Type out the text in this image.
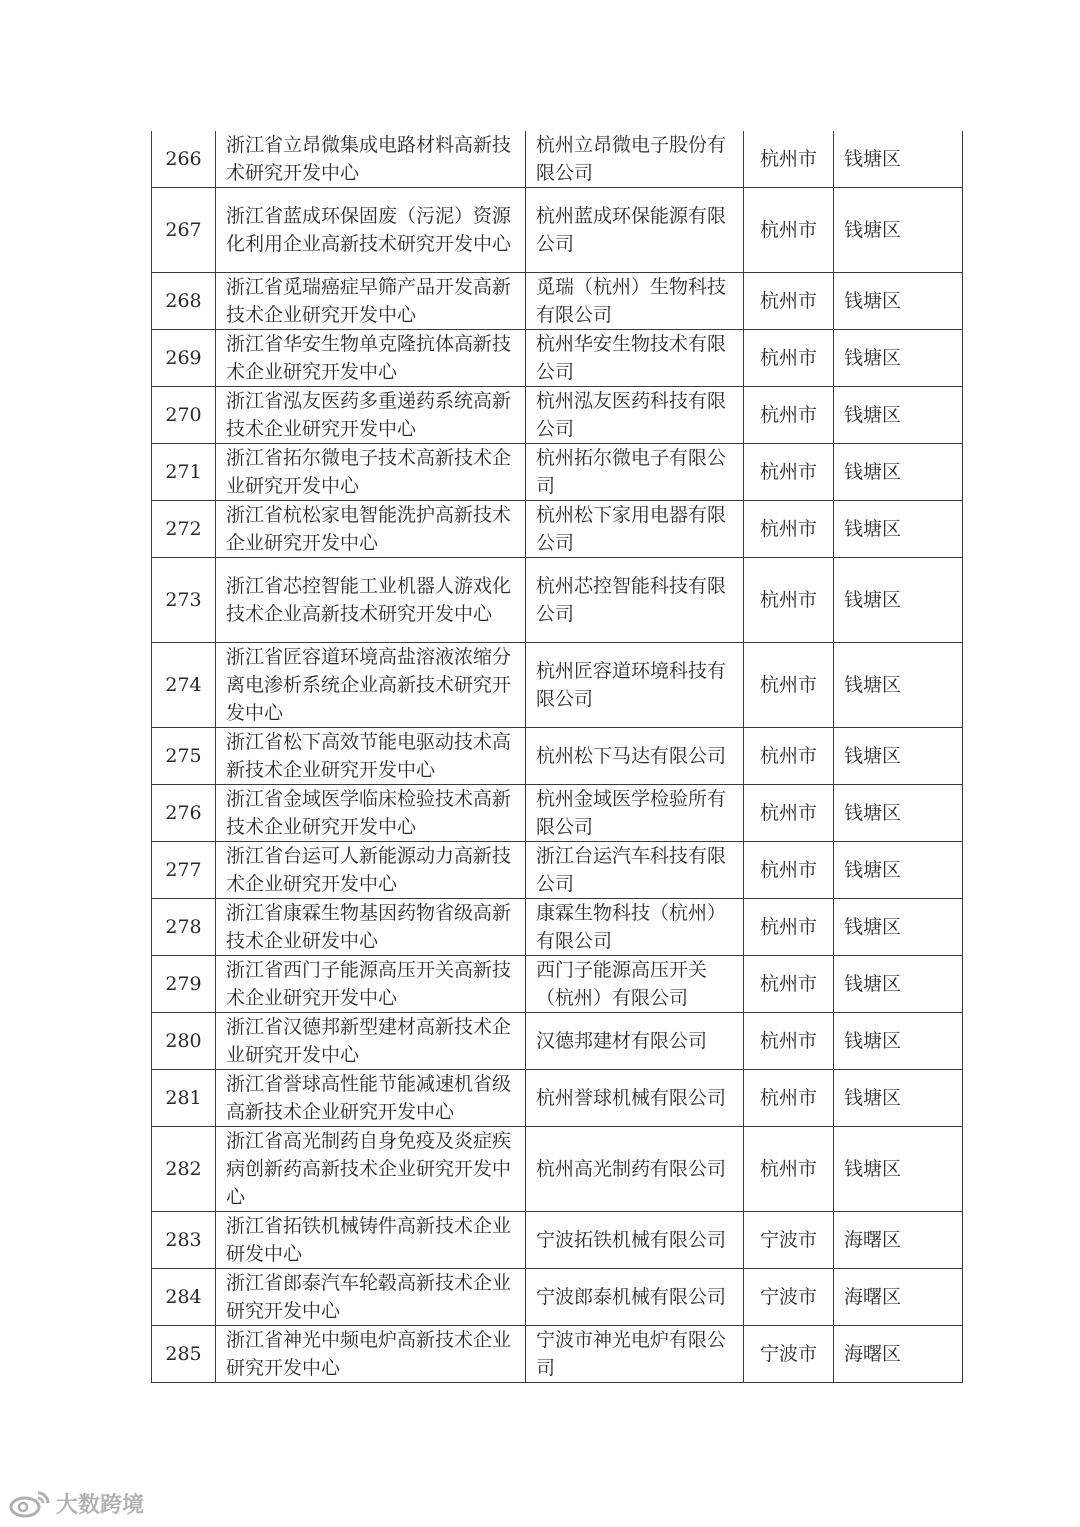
266	浙江省立昂微集成电路材料高新技术研究开发中心	杭州立昂微电子股份有限公司	杭州市	钱塘区
267	浙江省蓝成环保固废（污泥）资源化利用企业高新技术研究开发中心	杭州蓝成环保能源有限公司	杭州市	钱塘区
268	浙江省觅瑞癌症早筛产品开发高新技术企业研究开发中心	觅瑞（杭州）生物科技有限公司	杭州市	钱塘区
269	浙江省华安生物单克隆抗体高新技术企业研究开发中心	杭州华安生物技术有限公司	杭州市	钱塘区
270	浙江省泓友医药多重递药系统高新技术企业研究开发中心	杭州泓友医药科技有限公司	杭州市	钱塘区
271	浙江省拓尔微电子技术高新技术企业研究开发中心	杭州拓尔微电子有限公司	杭州市	钱塘区
272	浙江省杭松家电智能洗护高新技术企业研究开发中心	杭州松下家用电器有限公司	杭州市	钱塘区
273	浙江省芯控智能工业机器人游戏化技术企业高新技术研究开发中心	杭州芯控智能科技有限公司	杭州市	钱塘区
274	浙江省匠容道环境高盐溶液浓缩分离电渗析系统企业高新技术研究开发中心	杭州匠容道环境科技有限公司	杭州市	钱塘区
275	浙江省松下高效节能电驱动技术高新技术企业研究开发中心	杭州松下马达有限公司	杭州市	钱塘区
276	浙江省金域医学临床检验技术高新技术企业研究开发中心	杭州金域医学检验所有限公司	杭州市	钱塘区
277	浙江省台运可人新能源动力高新技术企业研究开发中心	浙江台运汽车科技有限公司	杭州市	钱塘区
278	浙江省康霖生物基因药物省级高新技术企业研发中心	康霖生物科技（杭州）有限公司	杭州市	钱塘区
279	浙江省西门子能源高压开关高新技术企业研究开发中心	西门子能源高压开关（杭州）有限公司	杭州市	钱塘区
280	浙江省汉德邦新型建材高新技术企业研究开发中心	汉德邦建材有限公司	杭州市	钱塘区
281	浙江省誉球高性能节能减速机省级高新技术企业研究开发中心	杭州誉球机械有限公司	杭州市	钱塘区
282	浙江省高光制药自身免疫及炎症疾病创新药高新技术企业研究开发中心	杭州高光制药有限公司	杭州市	钱塘区
283	浙江省拓铁机械铸件高新技术企业研发中心	宁波拓铁机械有限公司	宁波市	海曙区
284	浙江省郎泰汽车轮毂高新技术企业研究开发中心	宁波郎泰机械有限公司	宁波市	海曙区
285	浙江省神光中频电炉高新技术企业研究开发中心	宁波市神光电炉有限公司	宁波市	海曙区
大数跨境
